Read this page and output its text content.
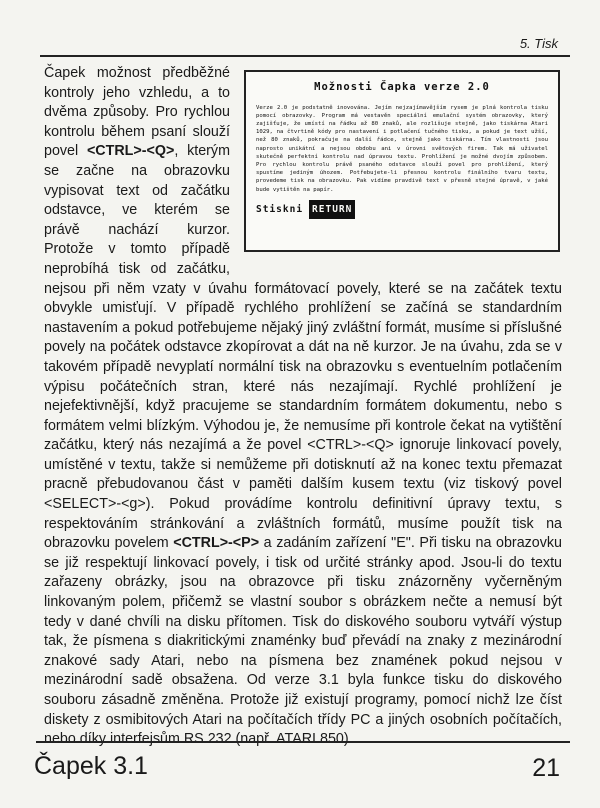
5. Tisk
Možnosti Čapka verze 2.0
Verze 2.0 je podstatně inovována. Jejím nejzajímavějším rysem je plná kontrola tisku pomocí obrazovky. Program má vestavěn speciální emulační systém obrazovky, který zajišťuje, že umístí na řádku až 80 znaků, ale rozlišuje stejně, jako tiskárna Atari 1029, na čtvrtině kódy pro nastavení i potlačení tučného tisku, a pokud je text užší, než 80 znaků, pokračuje na další řádce, stejně jako tiskárna. Tím vlastnosti jsou naprosto unikátní a nejsou obdobu ani v úrovni světových firem. Tak má uživatel skutečně perfektní kontrolu nad úpravou textu. Prohlížení je možné dvojím způsobem. Pro rychlou kontrolu právě psaného odstavce slouží povel pro prohlížení, který spustíme jediným úhozem. Potřebujete-li přesnou kontrolu finálního tvaru textu, provedeme tisk na obrazovku. Pak vidíme pravdivě text v přesně stejné úpravě, v jaké bude vytištěn na papír.
Stiskni RETURN

Čapek možnost předběžné kontroly jeho vzhledu, a to dvěma způsoby. Pro rychlou kontrolu během psaní slouží povel <CTRL>-<Q>, kterým se začne na obrazovku vypisovat text od začátku odstavce, ve kterém se právě nachází kurzor. Protože v tomto případě neprobíhá tisk od začátku, nejsou při něm vzaty v úvahu formátovací povely, které se na začátek textu obvykle umisťují. V případě rychlého prohlížení se začíná se standardním nastavením a pokud potřebujeme nějaký jiný zvláštní formát, musíme si příslušné povely na počátek odstavce zkopírovat a dát na ně kurzor. Je na úvahu, zda se v takovém případě nevyplatí normální tisk na obrazovku s eventuelním potlačením výpisu počátečních stran, které nás nezajímají. Rychlé prohlížení je nejefektivnější, když pracujeme se standardním formátem dokumentu, nebo s formátem velmi blízkým. Výhodou je, že nemusíme při kontrole čekat na vytištění začátku, který nás nezajímá a že povel <CTRL>-<Q> ignoruje linkovací povely, umístěné v textu, takže si nemůžeme při dotisknutí až na konec textu přemazat pracně přebudovanou část v paměti dalším kusem textu (viz tiskový povel <SELECT>-<g>). Pokud provádíme kontrolu definitivní úpravy textu, s respektováním stránkování a zvláštních formátů, musíme použít tisk na obrazovku povelem <CTRL>-<P> a zadáním zařízení "E". Při tisku na obrazovku se již respektují linkovací povely, i tisk od určité stránky apod. Jsou-li do textu zařazeny obrázky, jsou na obrazovce při tisku znázorněny vyčerněným linkovaným polem, přičemž se vlastní soubor s obrázkem nečte a nemusí být tedy v dané chvíli na disku přítomen. Tisk do diskového souboru vytváří výstup tak, že písmena s diakritickými znaménky buď převádí na znaky z mezinárodní znakové sady Atari, nebo na písmena bez znamének pokud nejsou v mezinárodní sadě obsažena. Od verze 3.1 byla funkce tisku do diskového souboru zásadně změněna. Protože již existují programy, pomocí nichž lze číst diskety z osmibitových Atari na počítačích třídy PC a jiných osobních počítačích, nebo díky interfejsům RS 232 (např. ATARI 850)

Čapek 3.1	21
